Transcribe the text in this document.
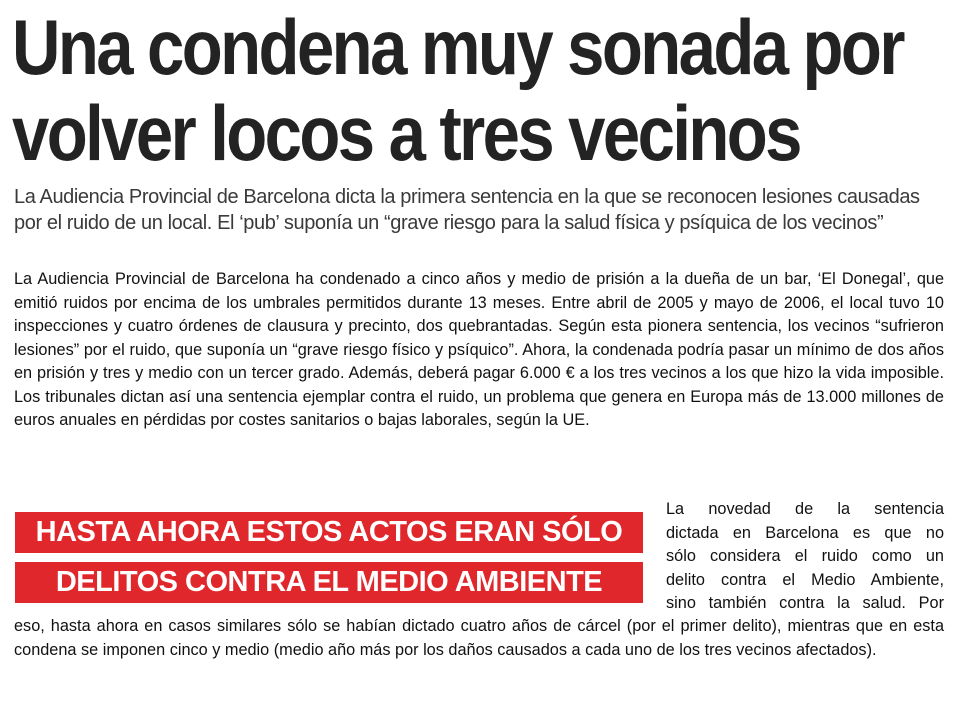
Una condena muy sonada por
volver locos a tres vecinos

La Audiencia Provincial de Barcelona dicta la primera sentencia en la que se reconocen lesiones causadas por el ruido de un local. El ‘pub’ suponía un “grave riesgo para la salud física y psíquica de los vecinos”

La Audiencia Provincial de Barcelona ha condenado a cinco años y medio de prisión a la dueña de un bar, ‘El Donegal’, que emitió ruidos por encima de los umbrales permitidos durante 13 meses. Entre abril de 2005 y mayo de 2006, el local tuvo 10 inspecciones y cuatro órdenes de clausura y precinto, dos quebrantadas. Según esta pionera sentencia, los vecinos “sufrieron lesiones” por el ruido, que suponía un “grave riesgo físico y psíquico”. Ahora, la condenada podría pasar un mínimo de dos años en prisión y tres y medio con un tercer grado. Además, deberá pagar 6.000 € a los tres vecinos a los que hizo la vida imposible. Los tribunales dictan así una sentencia ejemplar contra el ruido, un problema que genera en Europa más de 13.000 millones de euros anuales en pérdidas por costes sanitarios o bajas laborales, según la UE.

HASTA AHORA ESTOS ACTOS ERAN SÓLO
DELITOS CONTRA EL MEDIO AMBIENTE

La novedad de la sentencia
dictada en Barcelona es que no
sólo considera el ruido como un
delito contra el Medio Ambiente,
sino también contra la salud. Por

eso, hasta ahora en casos similares sólo se habían dictado cuatro años de cárcel (por el primer delito), mientras que en esta condena se imponen cinco y medio (medio año más por los daños causados a cada uno de los tres vecinos afectados).
